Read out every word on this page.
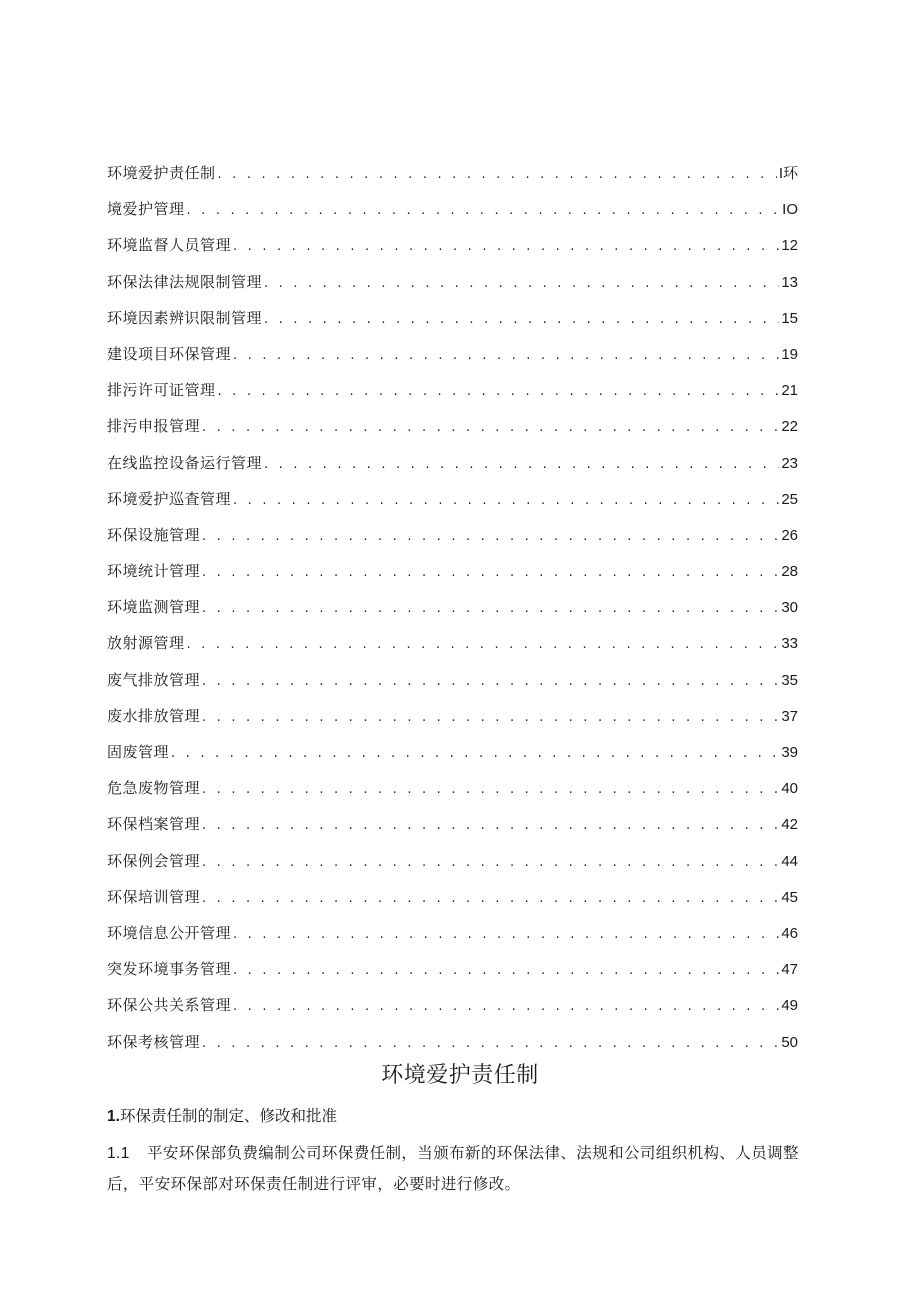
环境爱护责任制 . . .	I环
境爱护管理 . . .	IO
环境监督人员管理 . . .	12
环保法律法规限制管理 . . .	13
环境因素辨识限制管理 . . .	15
建设项目环保管理 . . .	19
排污许可证管理 . . .	21
排污申报管理 . . .	22
在线监控设备运行管理 . . .	23
环境爱护巡査管理 . . .	25
环保设施管理 . . .	26
环境统计管理 . . .	28
环境监测管理 . . .	30
放射源管理 . . .	33
废气排放管理 . . .	35
废水排放管理 . . .	37
固废管理 . . .	39
危急废物管理 . . .	40
环保档案管理 . . .	42
环保例会管理 . . .	44
环保培训管理 . . .	45
环境信息公开管理 . . .	46
突发环境事务管理 . . .	47
环保公共关系管理 . . .	49
环保考核管理 . . .	50
环境爱护责任制
1.环保责任制的制定、修改和批准

1.1 平安环保部负费编制公司环保费任制，当颁布新的环保法律、法规和公司组织机构、人员调整后，平安环保部对环保责任制进行评审，必要时进行修改。
